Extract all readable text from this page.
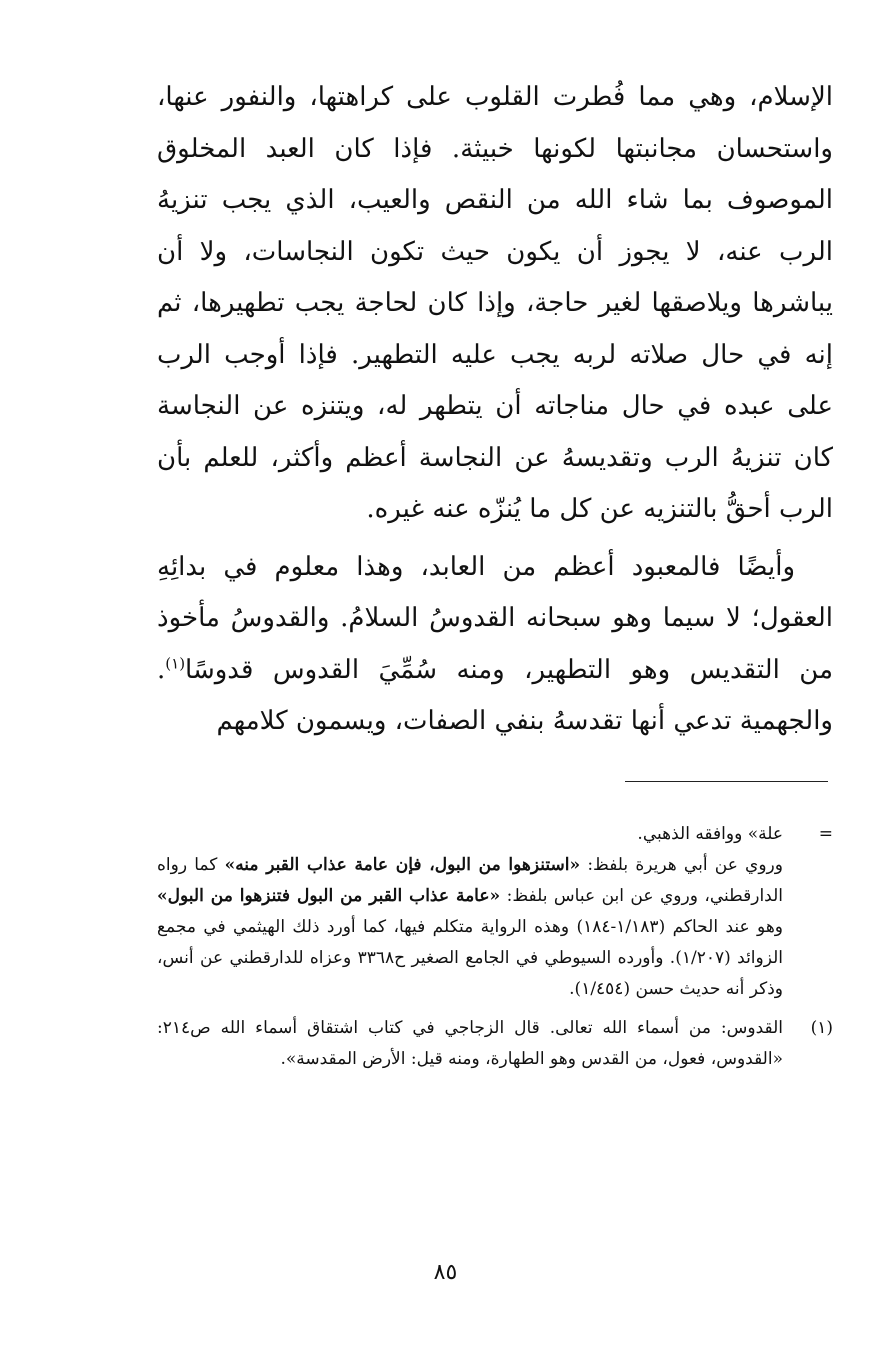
الإسلام، وهي مما فُطرت القلوب على كراهتها، والنفور عنها، واستحسان مجانبتها لكونها خبيثة. فإذا كان العبد المخلوق الموصوف بما شاء الله من النقص والعيب، الذي يجب تنزيهُ الرب عنه، لا يجوز أن يكون حيث تكون النجاسات، ولا أن يباشرها ويلاصقها لغير حاجة، وإذا كان لحاجة يجب تطهيرها، ثم إنه في حال صلاته لربه يجب عليه التطهير. فإذا أوجب الرب على عبده في حال مناجاته أن يتطهر له، ويتنزه عن النجاسة كان تنزيهُ الرب وتقديسهُ عن النجاسة أعظم وأكثر، للعلم بأن الرب أحقُّ بالتنزيه عن كل ما يُنزّه عنه غيره.

وأيضًا فالمعبود أعظم من العابد، وهذا معلوم في بدائِهِ العقول؛ لا سيما وهو سبحانه القدوسُ السلامُ. والقدوسُ مأخوذ من التقديس وهو التطهير، ومنه سُمِّيَ القدوس قدوسًا$^{(١)}$. والجهمية تدعي أنها تقدسهُ بنفي الصفات، ويسمون كلامهم

=

علة» ووافقه الذهبي.

وروي عن أبي هريرة بلفظ: «استنزهوا من البول، فإن عامة عذاب القبر منه» كما رواه الدارقطني، وروي عن ابن عباس بلفظ: «عامة عذاب القبر من البول فتنزهوا من البول» وهو عند الحاكم (١/١٨٣-١٨٤) وهذه الرواية متكلم فيها، كما أورد ذلك الهيثمي في مجمع الزوائد (١/٢٠٧). وأورده السيوطي في الجامع الصغير ح٣٣٦٨ وعزاه للدارقطني عن أنس، وذكر أنه حديث حسن (١/٤٥٤).

(١)

القدوس: من أسماء الله تعالى. قال الزجاجي في كتاب اشتقاق أسماء الله ص٢١٤: «القدوس، فعول، من القدس وهو الطهارة، ومنه قيل: الأرض المقدسة».

٨٥
